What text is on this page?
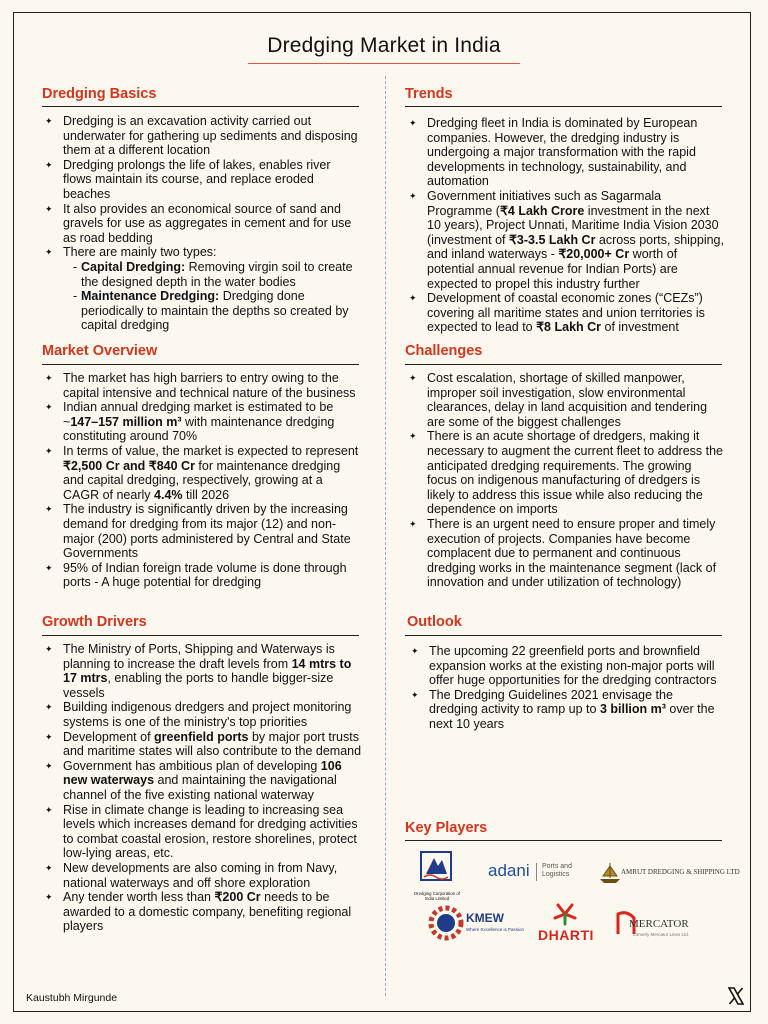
Dredging Market in India
Dredging Basics
✦ Dredging is an excavation activity carried out underwater for gathering up sediments and disposing them at a different location
✦ Dredging prolongs the life of lakes, enables river flows maintain its course, and replace eroded beaches
✦ It also provides an economical source of sand and gravels for use as aggregates in cement and for use as road bedding
✦ There are mainly two types:
- Capital Dredging: Removing virgin soil to create the designed depth in the water bodies
- Maintenance Dredging: Dredging done periodically to maintain the depths so created by capital dredging
Market Overview
✦ The market has high barriers to entry owing to the capital intensive and technical nature of the business
✦ Indian annual dredging market is estimated to be ~147–157 million m³ with maintenance dredging constituting around 70%
✦ In terms of value, the market is expected to represent ₹2,500 Cr and ₹840 Cr for maintenance dredging and capital dredging, respectively, growing at a CAGR of nearly 4.4% till 2026
✦ The industry is significantly driven by the increasing demand for dredging from its major (12) and non-major (200) ports administered by Central and State Governments
✦ 95% of Indian foreign trade volume is done through ports - A huge potential for dredging
Growth Drivers
✦ The Ministry of Ports, Shipping and Waterways is planning to increase the draft levels from 14 mtrs to 17 mtrs, enabling the ports to handle bigger-size vessels
✦ Building indigenous dredgers and project monitoring systems is one of the ministry's top priorities
✦ Development of greenfield ports by major port trusts and maritime states will also contribute to the demand
✦ Government has ambitious plan of developing 106 new waterways and maintaining the navigational channel of the five existing national waterway
✦ Rise in climate change is leading to increasing sea levels which increases demand for dredging activities to combat coastal erosion, restore shorelines, protect low-lying areas, etc.
✦ New developments are also coming in from Navy, national waterways and off shore exploration
✦ Any tender worth less than ₹200 Cr needs to be awarded to a domestic company, benefiting regional players
Trends
✦ Dredging fleet in India is dominated by European companies. However, the dredging industry is undergoing a major transformation with the rapid developments in technology, sustainability, and automation
✦ Government initiatives such as Sagarmala Programme (₹4 Lakh Crore investment in the next 10 years), Project Unnati, Maritime India Vision 2030 (investment of ₹3-3.5 Lakh Cr across ports, shipping, and inland waterways - ₹20,000+ Cr worth of potential annual revenue for Indian Ports) are expected to propel this industry further
✦ Development of coastal economic zones (“CEZs”) covering all maritime states and union territories is expected to lead to ₹8 Lakh Cr of investment
Challenges
✦ Cost escalation, shortage of skilled manpower, improper soil investigation, slow environmental clearances, delay in land acquisition and tendering are some of the biggest challenges
✦ There is an acute shortage of dredgers, making it necessary to augment the current fleet to address the anticipated dredging requirements. The growing focus on indigenous manufacturing of dredgers is likely to address this issue while also reducing the dependence on imports
✦ There is an urgent need to ensure proper and timely execution of projects. Companies have become complacent due to permanent and continuous dredging works in the maintenance segment (lack of innovation and under utilization of technology)
Outlook
✦ The upcoming 22 greenfield ports and brownfield expansion works at the existing non-major ports will offer huge opportunities for the dredging contractors
✦ The Dredging Guidelines 2021 envisage the dredging activity to ramp up to 3 billion m³ over the next 10 years
Key Players
Dredging Corporation of India Limited
adani Ports and
Logistics	AMRUT DREDGING & SHIPPING LTD
KMEW
Where Excellence is Passion DHARTI
MERCATOR
formerly Mercator Lines Ltd.
Kaustubh Mirgunde
